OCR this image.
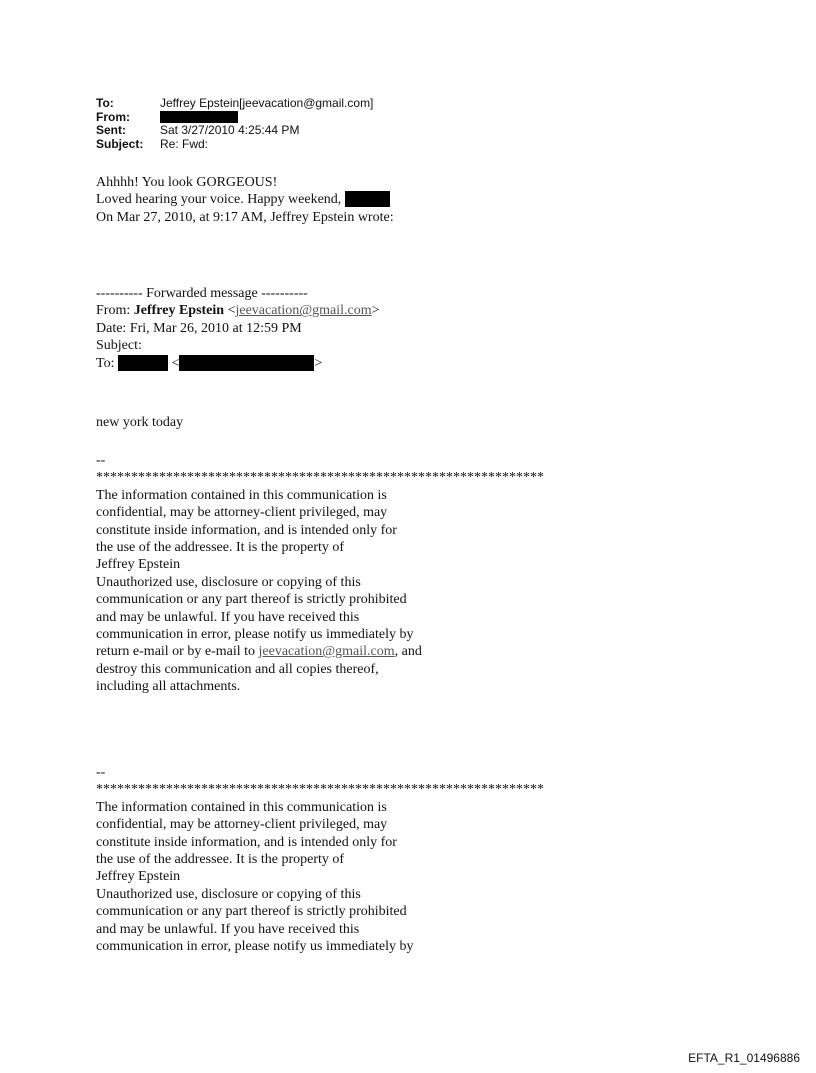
To:	Jeffrey Epstein[jeevacation@gmail.com]
From:
Sent:	Sat 3/27/2010 4:25:44 PM
Subject:	Re: Fwd:
Ahhhh! You look GORGEOUS!
Loved hearing your voice. Happy weekend,
On Mar 27, 2010, at 9:17 AM, Jeffrey Epstein wrote:
---------- Forwarded message ----------
From: Jeffrey Epstein <jeevacation@gmail.com>
Date: Fri, Mar 26, 2010 at 12:59 PM
Subject:
To:	<	>
new york today
--
****************************************************************
The information contained in this communication is
confidential, may be attorney-client privileged, may
constitute inside information, and is intended only for
the use of the addressee. It is the property of
Jeffrey Epstein
Unauthorized use, disclosure or copying of this
communication or any part thereof is strictly prohibited
and may be unlawful. If you have received this
communication in error, please notify us immediately by
return e-mail or by e-mail to jeevacation@gmail.com, and
destroy this communication and all copies thereof,
including all attachments.
--
****************************************************************
The information contained in this communication is
confidential, may be attorney-client privileged, may
constitute inside information, and is intended only for
the use of the addressee. It is the property of
Jeffrey Epstein
Unauthorized use, disclosure or copying of this
communication or any part thereof is strictly prohibited
and may be unlawful. If you have received this
communication in error, please notify us immediately by
EFTA_R1_01496886
